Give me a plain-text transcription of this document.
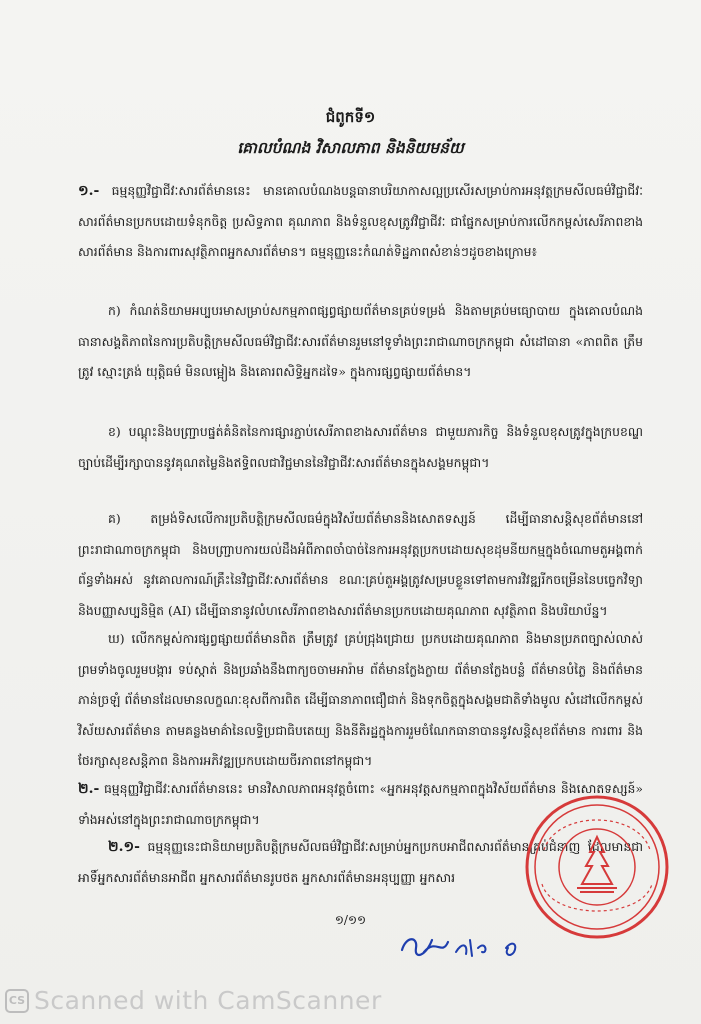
ជំពូកទី១
គោលបំណង វិសាលភាព និងនិយមន័យ
១.- ធម្មនុញ្ញវិជ្ជាជីវៈសារព័ត៌មាននេះ មានគោលបំណងបន្តធានាបរិយាកាសល្អប្រសើរសម្រាប់ការអនុវត្តក្រមសីលធម៌វិជ្ជាជីវៈសារព័ត៌មានប្រកបដោយទំនុកចិត្ត ប្រសិទ្ធភាព គុណភាព និងទំនួលខុសត្រូវវិជ្ជាជីវៈ ជាផ្នែកសម្រាប់ការលើកកម្ពស់សេរីភាពខាងសារព័ត៌មាន និងការពារសុវត្ថិភាពអ្នកសារព័ត៌មាន។ ធម្មនុញ្ញនេះកំណត់ទិដ្ឋភាពសំខាន់ៗដូចខាងក្រោម៖
ក) កំណត់និយាមអប្បបរមាសម្រាប់សកម្មភាពផ្សព្វផ្សាយព័ត៌មានគ្រប់ទម្រង់ និងតាមគ្រប់មធ្យោបាយ ក្នុងគោលបំណងធានាសង្គតិភាពនៃការប្រតិបត្តិក្រមសីលធម៌វិជ្ជាជីវៈសារព័ត៌មានរួមនៅទូទាំងព្រះរាជាណាចក្រកម្ពុជា សំដៅធានា «ភាពពិត ត្រឹមត្រូវ ស្មោះត្រង់ យុត្តិធម៌ មិនលម្អៀង និងគោរពសិទ្ធិអ្នកដទៃ» ក្នុងការផ្សព្វផ្សាយព័ត៌មាន។
ខ) បណ្ដុះនិងបញ្ជ្រាបផ្នត់គំនិតនៃការផ្សារភ្ជាប់សេរីភាពខាងសារព័ត៌មាន ជាមួយភារកិច្ច និងទំនួលខុសត្រូវក្នុងក្របខណ្ឌច្បាប់ដើម្បីរក្សាបាននូវគុណតម្លៃនិងឥទ្ធិពលជាវិជ្ជមាននៃវិជ្ជាជីវៈសារព័ត៌មានក្នុងសង្គមកម្ពុជា។
គ) តម្រង់ទិសលើការប្រតិបត្តិក្រមសីលធម៌ក្នុងវិស័យព័ត៌មាននិងសោតទស្សន៍ ដើម្បីធានាសន្តិសុខព័ត៌មាននៅព្រះរាជាណាចក្រកម្ពុជា និងបញ្ជ្រាបការយល់ដឹងអំពីភាពចាំបាច់នៃការអនុវត្តប្រកបដោយសុខដុមនីយកម្មក្នុងចំណោមតួអង្គពាក់ព័ន្ធទាំងអស់ នូវគោលការណ៍គ្រឹះនៃវិជ្ជាជីវៈសារព័ត៌មាន ខណៈគ្រប់តួអង្គត្រូវសម្របខ្លួនទៅតាមការវិវឌ្ឍរីកចម្រើននៃបច្ចេកវិទ្យា និងបញ្ញាសប្បនិម្មិត (AI) ដើម្បីធានានូវលំហសេរីភាពខាងសារព័ត៌មានប្រកបដោយគុណភាព សុវត្ថិភាព និងបរិយាប័ន្ន។
ឃ) លើកកម្ពស់ការផ្សព្វផ្សាយព័ត៌មានពិត ត្រឹមត្រូវ គ្រប់ជ្រុងជ្រោយ ប្រកបដោយគុណភាព និងមានប្រភពច្បាស់លាស់ ព្រមទាំងចូលរួមបង្ការ ទប់ស្កាត់ និងប្រឆាំងនឹងពាក្យចចាមអារ៉ាម ព័ត៌មានក្លែងក្លាយ ព័ត៌មានក្លែងបន្លំ ព័ត៌មានបំភ្លៃ និងព័ត៌មានភាន់ច្រឡំ ព័ត៌មានដែលមានលក្ខណៈខុសពីការពិត ដើម្បីធានាភាពជឿជាក់ និងទុកចិត្តក្នុងសង្គមជាតិទាំងមូល សំដៅលើកកម្ពស់វិស័យសារព័ត៌មាន តាមគន្លងមាគ៌ានៃលទ្ធិប្រជាធិបតេយ្យ និងនីតិរដ្ឋក្នុងការរួមចំណែកធានាបាននូវសន្តិសុខព័ត៌មាន ការពារ និងថែរក្សាសុខសន្តិភាព និងការអភិវឌ្ឍប្រកបដោយចីរភាពនៅកម្ពុជា។
២.- ធម្មនុញ្ញវិជ្ជាជីវៈសារព័ត៌មាននេះ មានវិសាលភាពអនុវត្តចំពោះ «អ្នកអនុវត្តសកម្មភាពក្នុងវិស័យព័ត៌មាន និងសោតទស្សន៍» ទាំងអស់នៅក្នុងព្រះរាជាណាចក្រកម្ពុជា។
២.១- ធម្មនុញ្ញនេះជានិយាមប្រតិបត្តិក្រមសីលធម៌វិជ្ជាជីវៈសម្រាប់អ្នកប្រកបអាជីពសារព័ត៌មានគ្រប់ជំនាញ ដែលមានជាអាទិ៍អ្នកសារព័ត៌មានអាជីព អ្នកសារព័ត៌មានរូបថត អ្នកសារព័ត៌មានអនុប្បញ្ញា អ្នកសារ
១/១១
CS Scanned with CamScanner
